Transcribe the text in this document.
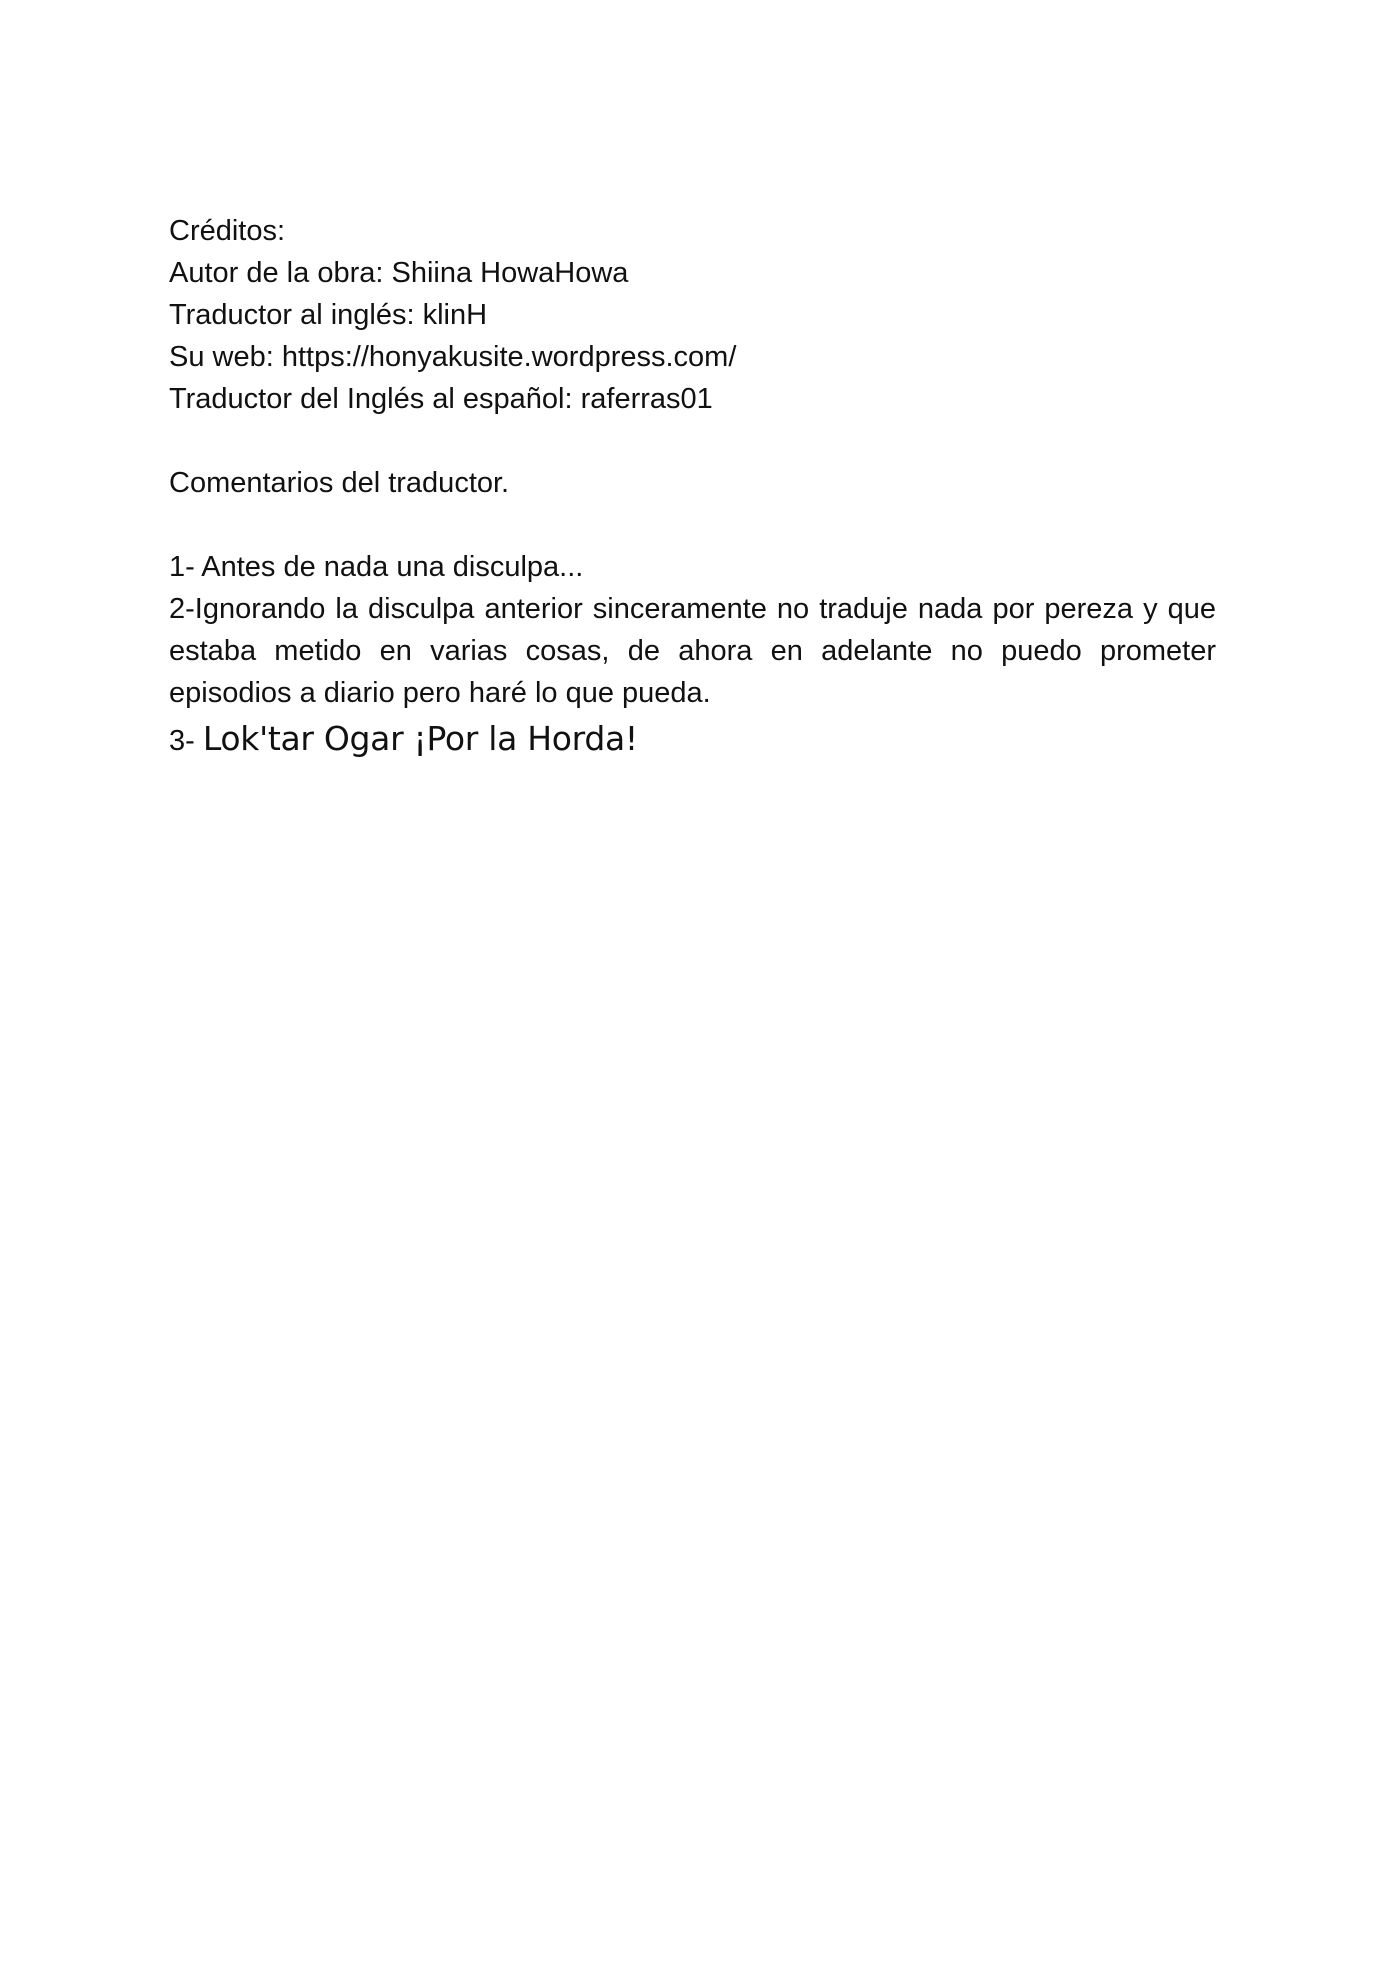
Créditos:

Autor de la obra: Shiina HowaHowa

Traductor al inglés: klinH

Su web: https://honyakusite.wordpress.com/

Traductor del Inglés al español: raferras01

Comentarios del traductor.

1- Antes de nada una disculpa...

2-Ignorando la disculpa anterior sinceramente no traduje nada por pereza y que estaba metido en varias cosas, de ahora en adelante no puedo prometer episodios a diario pero haré lo que pueda.

3- Lok'tar Ogar ¡Por la Horda!
